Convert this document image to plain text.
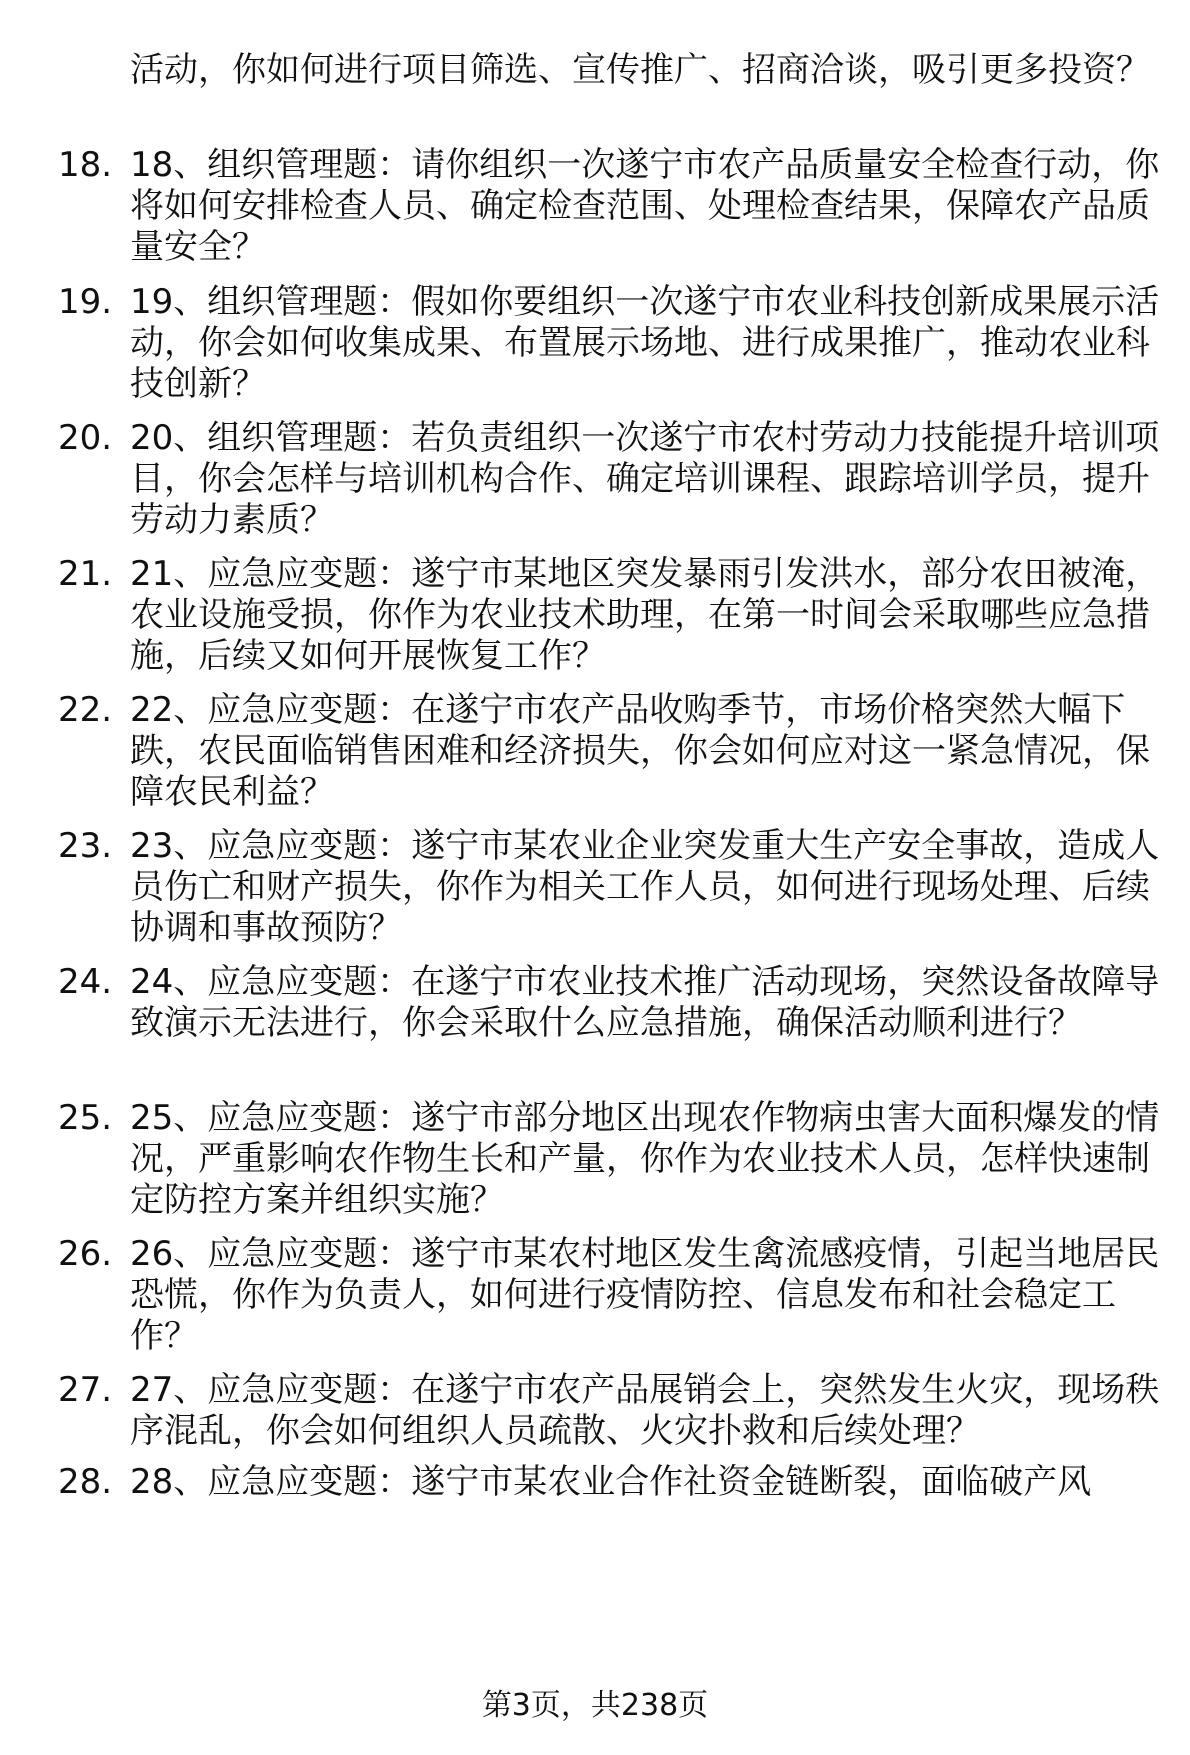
活动，你如何进行项目筛选、宣传推广、招商洽谈，吸引更多投资？
18. 18、组织管理题：请你组织一次遂宁市农产品质量安全检查行动，你将如何安排检查人员、确定检查范围、处理检查结果，保障农产品质量安全？
19. 19、组织管理题：假如你要组织一次遂宁市农业科技创新成果展示活动，你会如何收集成果、布置展示场地、进行成果推广，推动农业科技创新？
20. 20、组织管理题：若负责组织一次遂宁市农村劳动力技能提升培训项目，你会怎样与培训机构合作、确定培训课程、跟踪培训学员，提升劳动力素质？
21. 21、应急应变题：遂宁市某地区突发暴雨引发洪水，部分农田被淹，农业设施受损，你作为农业技术助理，在第一时间会采取哪些应急措施，后续又如何开展恢复工作？
22. 22、应急应变题：在遂宁市农产品收购季节，市场价格突然大幅下跌，农民面临销售困难和经济损失，你会如何应对这一紧急情况，保障农民利益？
23. 23、应急应变题：遂宁市某农业企业突发重大生产安全事故，造成人员伤亡和财产损失，你作为相关工作人员，如何进行现场处理、后续协调和事故预防？
24. 24、应急应变题：在遂宁市农业技术推广活动现场，突然设备故障导致演示无法进行，你会采取什么应急措施，确保活动顺利进行？
25. 25、应急应变题：遂宁市部分地区出现农作物病虫害大面积爆发的情况，严重影响农作物生长和产量，你作为农业技术人员，怎样快速制定防控方案并组织实施？
26. 26、应急应变题：遂宁市某农村地区发生禽流感疫情，引起当地居民恐慌，你作为负责人，如何进行疫情防控、信息发布和社会稳定工作？
27. 27、应急应变题：在遂宁市农产品展销会上，突然发生火灾，现场秩序混乱，你会如何组织人员疏散、火灾扑救和后续处理？
28. 28、应急应变题：遂宁市某农业合作社资金链断裂，面临破产风
第3页，共238页
